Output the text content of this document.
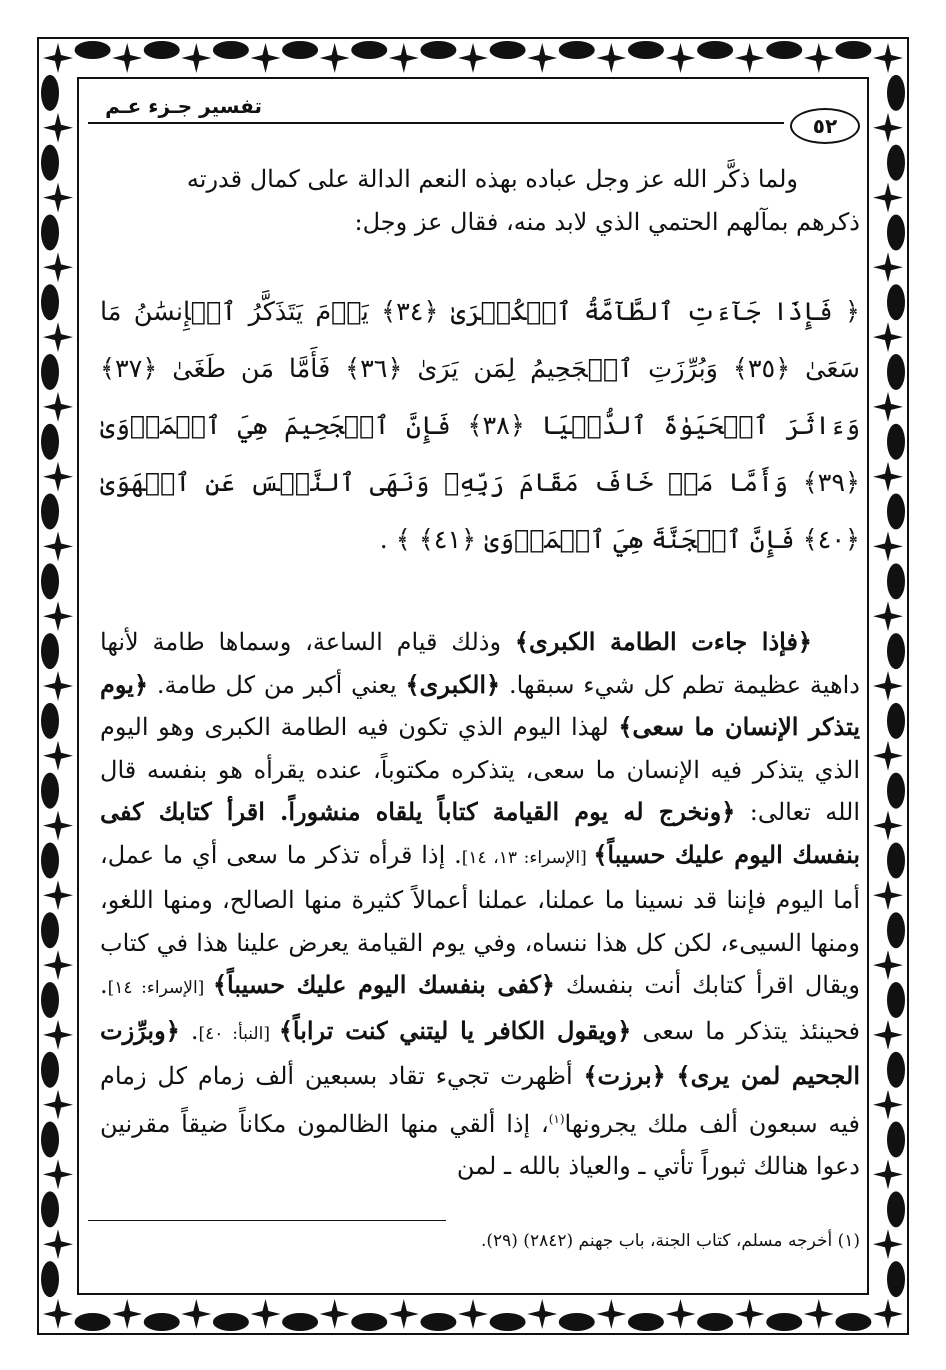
٥٢
تفسير جـزء عـم

ولما ذكَّر الله عز وجل عباده بهذه النعم الدالة على كمال قدرته

ذكرهم بمآلهم الحتمي الذي لابد منه، فقال عز وجل:

﴿ فَإِذَا جَآءَتِ ٱلطَّآمَّةُ ٱلۡكُبۡرَىٰ ﴿٣٤﴾ يَوۡمَ يَتَذَكَّرُ ٱلۡإِنسَٰنُ مَا سَعَىٰ ﴿٣٥﴾ وَبُرِّزَتِ ٱلۡجَحِيمُ لِمَن يَرَىٰ ﴿٣٦﴾ فَأَمَّا مَن طَغَىٰ ﴿٣٧﴾ وَءَاثَرَ ٱلۡحَيَوٰةَ ٱلدُّنۡيَا ﴿٣٨﴾ فَإِنَّ ٱلۡجَحِيمَ هِيَ ٱلۡمَأۡوَىٰ ﴿٣٩﴾ وَأَمَّا مَنۡ خَافَ مَقَامَ رَبِّهِۦ وَنَهَى ٱلنَّفۡسَ عَنِ ٱلۡهَوَىٰ ﴿٤٠﴾ فَإِنَّ ٱلۡجَنَّةَ هِيَ ٱلۡمَأۡوَىٰ ﴿٤١﴾ ﴾ .
﴿فإذا جاءت الطامة الكبرى﴾ وذلك قيام الساعة، وسماها طامة لأنها داهية عظيمة تطم كل شيء سبقها. ﴿الكبرى﴾ يعني أكبر من كل طامة. ﴿يوم يتذكر الإنسان ما سعى﴾ لهذا اليوم الذي تكون فيه الطامة الكبرى وهو اليوم الذي يتذكر فيه الإنسان ما سعى، يتذكره مكتوباً، عنده يقرأه هو بنفسه قال الله تعالى: ﴿ونخرج له يوم القيامة كتاباً يلقاه منشوراً. اقرأ كتابك كفى بنفسك اليوم عليك حسيباً﴾ [الإسراء: ١٣، ١٤]. إذا قرأه تذكر ما سعى أي ما عمل، أما اليوم فإننا قد نسينا ما عملنا، عملنا أعمالاً كثيرة منها الصالح، ومنها اللغو، ومنها السيىء، لكن كل هذا ننساه، وفي يوم القيامة يعرض علينا هذا في كتاب ويقال اقرأ كتابك أنت بنفسك ﴿كفى بنفسك اليوم عليك حسيباً﴾ [الإسراء: ١٤]. فحينئذ يتذكر ما سعى ﴿ويقول الكافر يا ليتني كنت تراباً﴾ [النبأ: ٤٠]. ﴿وبرِّزت الجحيم لمن يرى﴾ ﴿برزت﴾ أظهرت تجيء تقاد بسبعين ألف زمام كل زمام فيه سبعون ألف ملك يجرونها$^{(١)}$، إذا ألقي منها الظالمون مكاناً ضيقاً مقرنين دعوا هنالك ثبوراً تأتي ـ والعياذ بالله ـ لمن
(١) أخرجه مسلم، كتاب الجنة، باب جهنم (٢٨٤٢) (٢٩).
